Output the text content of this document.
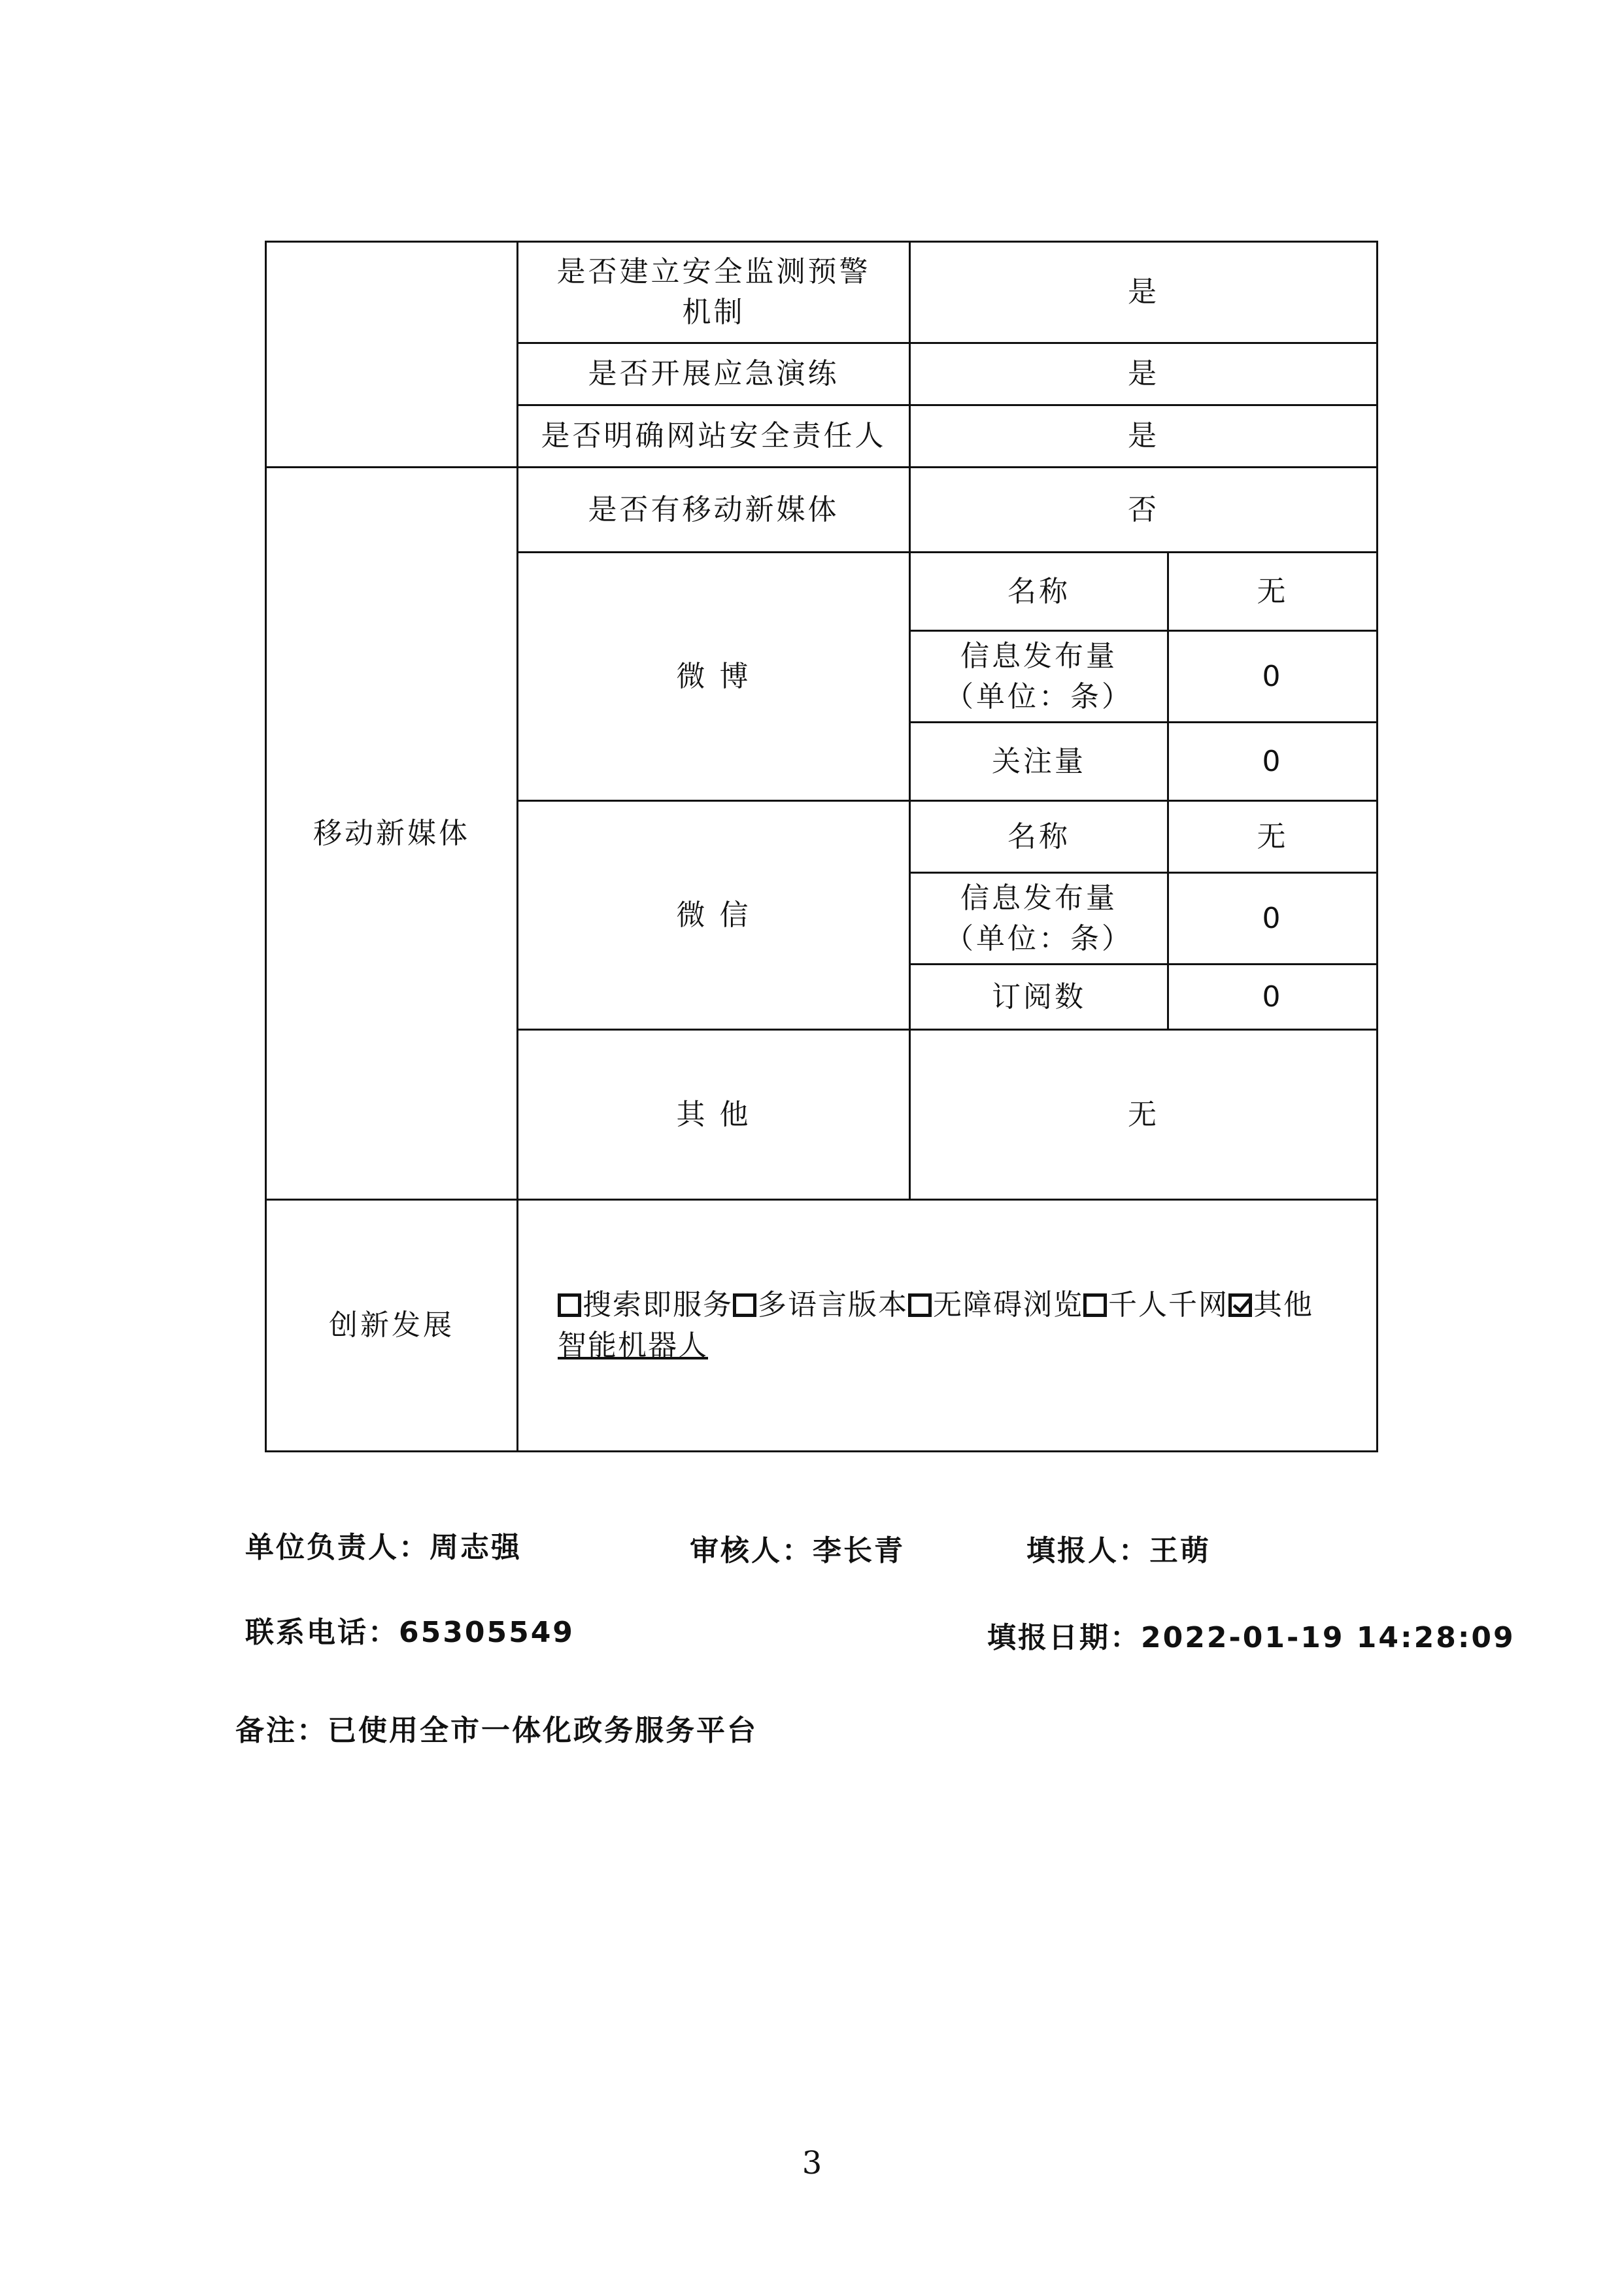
	是否建立安全监测预警
机制	是	
	是否开展应急演练	是	
	是否明确网站安全责任人	是	
移动新媒体	是否有移动新媒体	否	
	微 博	名称	无

		信息发布量
（单位：条）	0
		关注量	0
	微 信	名称	无

		信息发布量
（单位：条）	0
		订阅数	0
	其 他	无	
创新发展	搜索即服务 多语言版本 无障碍浏览 千人千网 其他
智能机器人		
单位负责人：周志强	审核人：李长青	填报人：王萌
联系电话：65305549	填报日期：2022-01-19 14:28:09
备注：已使用全市一体化政务服务平台
3
